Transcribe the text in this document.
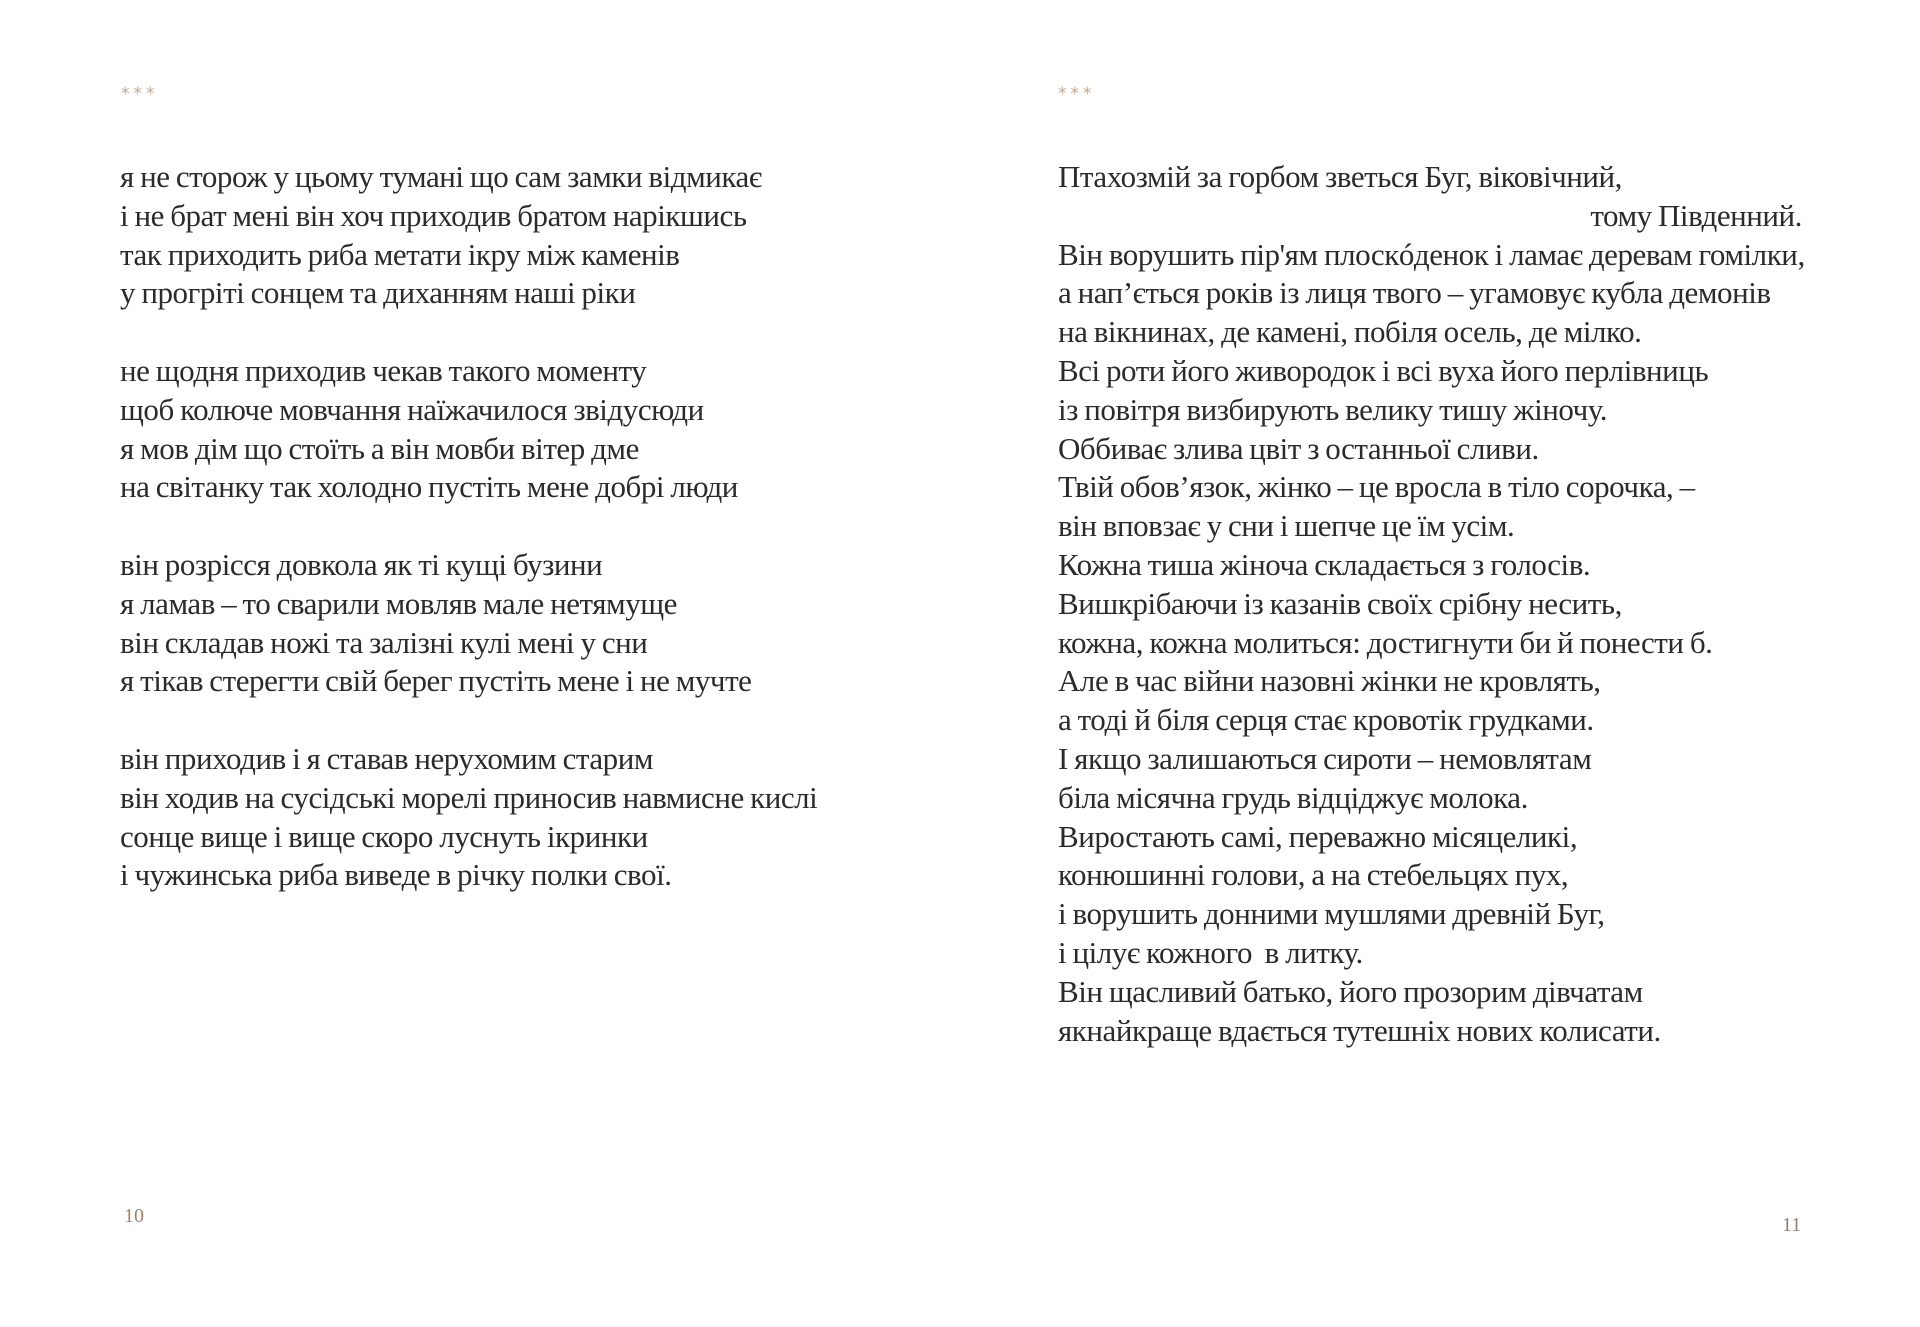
***
я не сторож у цьому тумані що сам замки відмикає
і не брат мені він хоч приходив братом нарікшись
так приходить риба метати ікру між каменів
у прогріті сонцем та диханням наші ріки
не щодня приходив чекав такого моменту
щоб колюче мовчання наїжачилося звідусюди
я мов дім що стоїть а він мовби вітер дме
на світанку так холодно пустіть мене добрі люди
він розрісся довкола як ті кущі бузини
я ламав – то сварили мовляв мале нетямуще
він складав ножі та залізні кулі мені у сни
я тікав стерегти свій берег пустіть мене і не мучте
він приходив і я ставав нерухомим старим
він ходив на сусідські морелі приносив навмисне кислі
сонце вище і вище скоро луснуть ікринки
і чужинська риба виведе в річку полки свої.
10
***
Птахозмій за горбом зветься Буг, віковічний,
тому Південний.
Він ворушить пір'ям плоскóденок і ламає деревам гомілки,
а нап’ється років із лиця твого – угамовує кубла демонів
на вікнинах, де камені, побіля осель, де мілко.
Всі роти його живородок і всі вуха його перлівниць
із повітря визбирують велику тишу жіночу.
Оббиває злива цвіт з останньої сливи.
Твій обов’язок, жінко – це вросла в тіло сорочка, –
він вповзає у сни і шепче це їм усім.
Кожна тиша жіноча складається з голосів.
Вишкрібаючи із казанів своїх срібну несить,
кожна, кожна молиться: достигнути би й понести б.
Але в час війни назовні жінки не кровлять,
а тоді й біля серця стає кровотік грудками.
І якщо залишаються сироти – немовлятам
біла місячна грудь відціджує молока.
Виростають самі, переважно місяцеликі,
конюшинні голови, а на стебельцях пух,
і ворушить донними мушлями древній Буг,
і цілує кожного  в литку.
Він щасливий батько, його прозорим дівчатам
якнайкраще вдається тутешніх нових колисати.
11
